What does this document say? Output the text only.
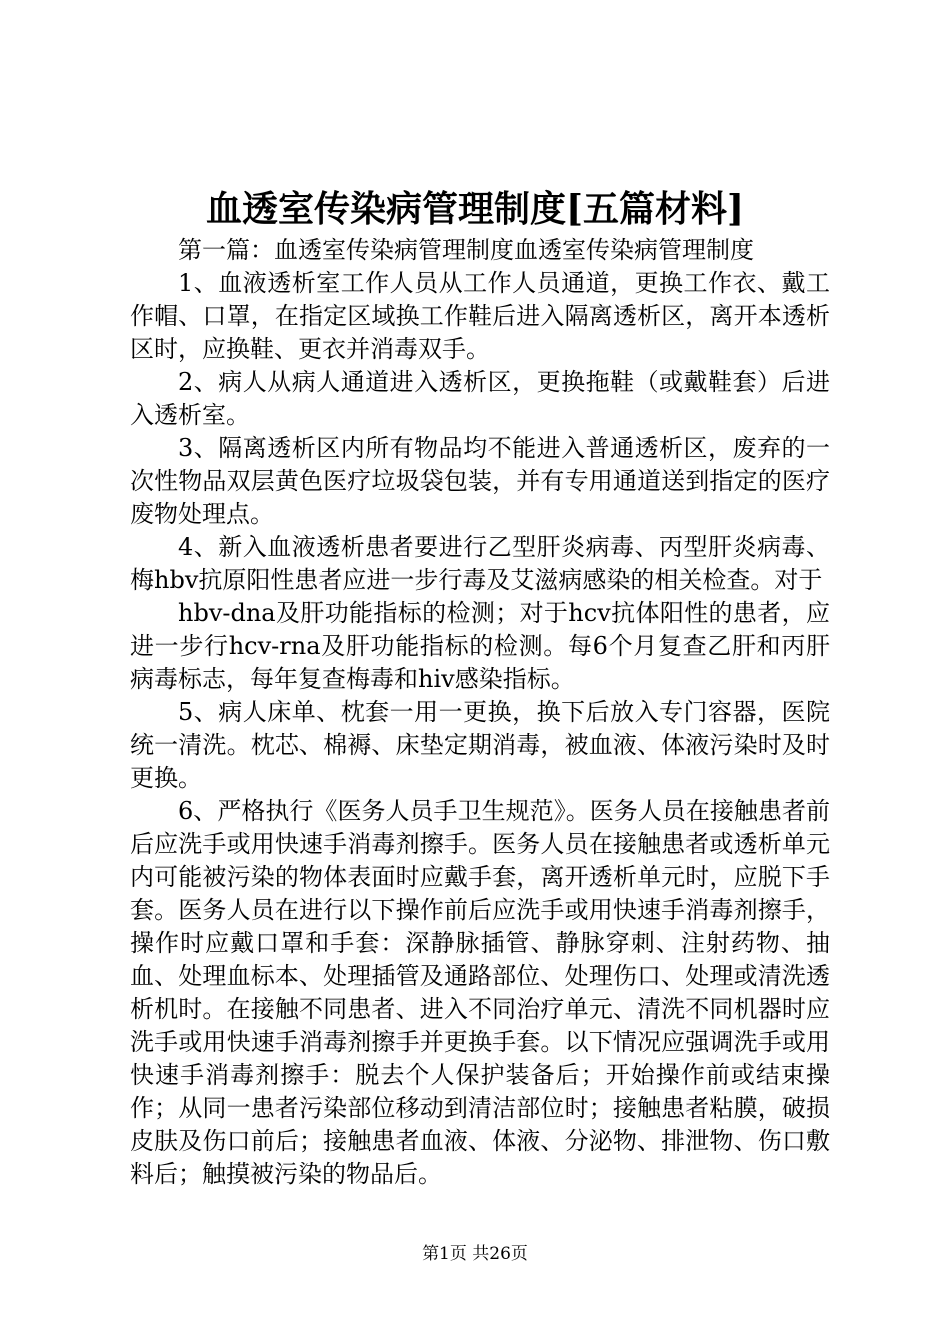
血透室传染病管理制度[五篇材料]

第一篇：血透室传染病管理制度血透室传染病管理制度

1、血液透析室工作人员从工作人员通道，更换工作衣、戴工作帽、口罩，在指定区域换工作鞋后进入隔离透析区，离开本透析区时，应换鞋、更衣并消毒双手。

2、病人从病人通道进入透析区，更换拖鞋（或戴鞋套）后进入透析室。

3、隔离透析区内所有物品均不能进入普通透析区，废弃的一次性物品双层黄色医疗垃圾袋包装，并有专用通道送到指定的医疗废物处理点。

4、新入血液透析患者要进行乙型肝炎病毒、丙型肝炎病毒、梅hbv抗原阳性患者应进一步行毒及艾滋病感染的相关检查。对于

hbv-dna及肝功能指标的检测；对于hcv抗体阳性的患者，应进一步行hcv-rna及肝功能指标的检测。每6个月复查乙肝和丙肝病毒标志，每年复查梅毒和hiv感染指标。

5、病人床单、枕套一用一更换，换下后放入专门容器，医院统一清洗。枕芯、棉褥、床垫定期消毒，被血液、体液污染时及时更换。

6、严格执行《医务人员手卫生规范》。医务人员在接触患者前后应洗手或用快速手消毒剂擦手。医务人员在接触患者或透析单元内可能被污染的物体表面时应戴手套，离开透析单元时，应脱下手套。医务人员在进行以下操作前后应洗手或用快速手消毒剂擦手，操作时应戴口罩和手套：深静脉插管、静脉穿刺、注射药物、抽血、处理血标本、处理插管及通路部位、处理伤口、处理或清洗透析机时。在接触不同患者、进入不同治疗单元、清洗不同机器时应洗手或用快速手消毒剂擦手并更换手套。以下情况应强调洗手或用快速手消毒剂擦手：脱去个人保护装备后；开始操作前或结束操作；从同一患者污染部位移动到清洁部位时；接触患者粘膜，破损皮肤及伤口前后；接触患者血液、体液、分泌物、排泄物、伤口敷料后；触摸被污染的物品后。

第1页 共26页
